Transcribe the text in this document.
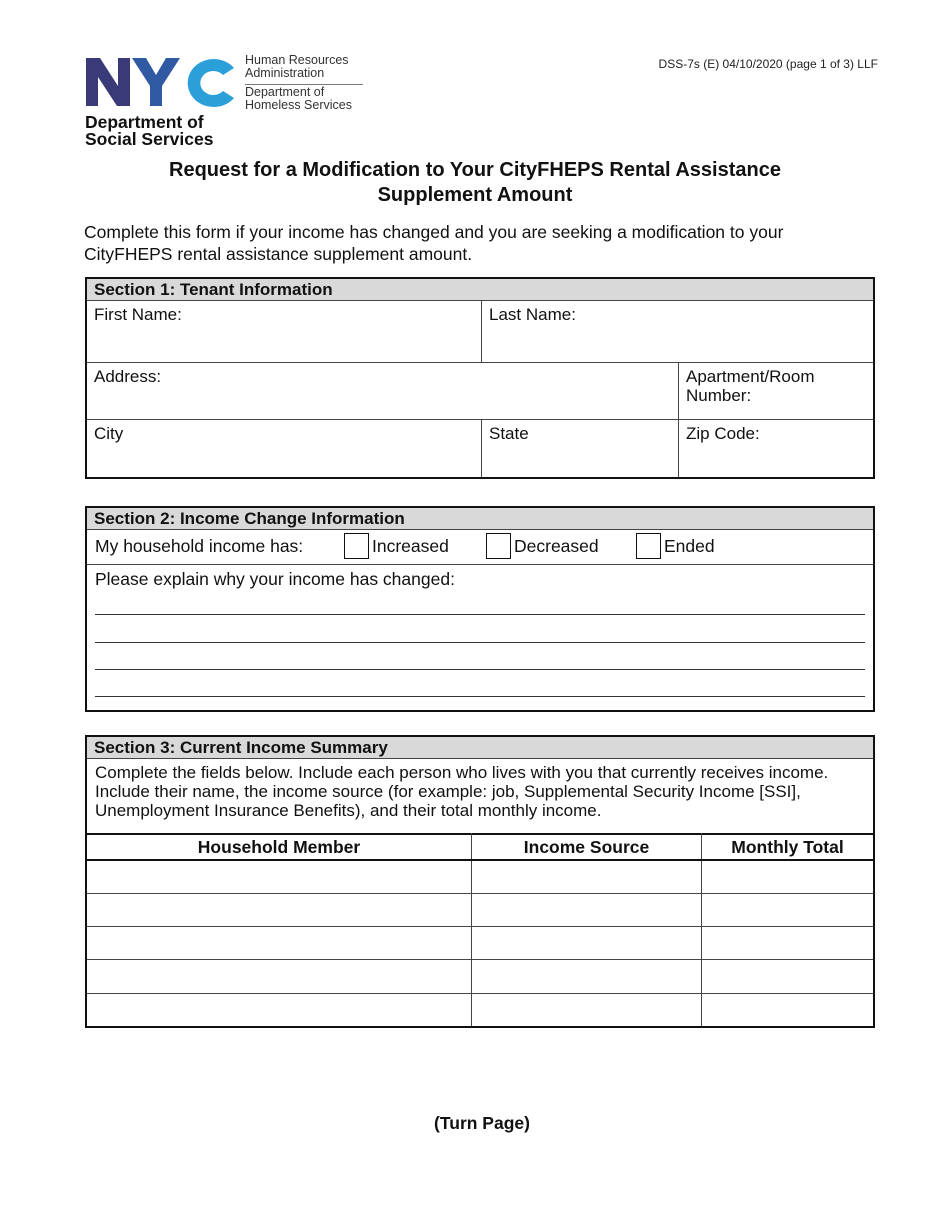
Human Resources
Administration
Department of
Homeless Services
Department of
Social Services
DSS-7s (E) 04/10/2020 (page 1 of 3) LLF
Request for a Modification to Your CityFHEPS Rental Assistance
Supplement Amount
Complete this form if your income has changed and you are seeking a modification to your CityFHEPS rental assistance supplement amount.
Section 1: Tenant Information
First Name:	Last Name:
Address:	Apartment/Room Number:
City	State	Zip Code:
Section 2: Income Change Information
My household income has:	Increased	Decreased	Ended
Please explain why your income has changed:
Section 3: Current Income Summary
Complete the fields below. Include each person who lives with you that currently receives income. Include their name, the income source (for example: job, Supplemental Security Income [SSI], Unemployment Insurance Benefits), and their total monthly income.
Household Member	Income Source	Monthly Total
(Turn Page)
